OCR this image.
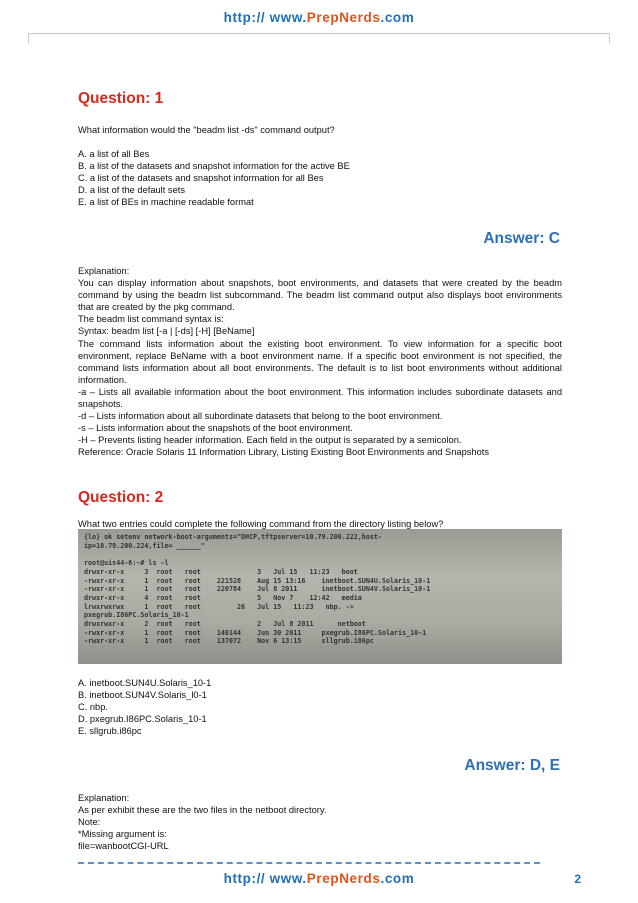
http:// www.PrepNerds.com
Question: 1
What information would the "beadm list -ds" command output?
A. a list of all Bes
B. a list of the datasets and snapshot information for the active BE
C. a list of the datasets and snapshot information for all Bes
D. a list of the default sets
E. a list of BEs in machine readable format
Answer: C
Explanation:
You can display information about snapshots, boot environments, and datasets that were created by the beadm command by using the beadm list subcommand. The beadm list command output also displays boot environments that are created by the pkg command.
The beadm list command syntax is:
Syntax: beadm list [-a | [-ds] [-H] [BeName]
The command lists information about the existing boot environment. To view information for a specific boot environment, replace BeName with a boot environment name. If a specific boot environment is not specified, the command lists information about all boot environments. The default is to list boot environments without additional information.
-a – Lists all available information about the boot environment. This information includes subordinate datasets and snapshots.
-d – Lists information about all subordinate datasets that belong to the boot environment.
-s – Lists information about the snapshots of the boot environment.
-H – Prevents listing header information. Each field in the output is separated by a semicolon.
Reference: Oracle Solaris 11 Information Library, Listing Existing Boot Environments and Snapshots
Question: 2
What two entries could complete the following command from the directory listing below?
{lo} ok setenv network-boot-arguments="DHCP,tftpserver=10.79.200.222,host-
ip=10.79.200.224,file= ______"

root@uis44-6:~# ls -l
drwxr-xr-x     3  root   root              3   Jul 15   11:23   boot
-rwxr-xr-x     1  root   root    221528    Aug 15 13:16    inetboot.SUN4U.Solaris_10-1
-rwxr-xr-x     1  root   root    220784    Jul 8 2011      inetboot.SUN4V.Solaris_10-1
drwxr-xr-x     4  root   root              5   Nov 7    12:42   media
lrwxrwxrwx     1  root   root         26   Jul 15   11:23   nbp. ->
pxegrub.I86PC.Solaris_10-1
drwxrwxr-x     2  root   root              2   Jul 8 2011      netboot
-rwxr-xr-x     1  root   root    140144    Jun 30 2011     pxegrub.I86PC.Solaris_10-1
-rwxr-xr-x     1  root   root    137072    Nov 6 13:15     sllgrub.i86pc
A. inetboot.SUN4U.Solaris_10-1
B. inetboot.SUN4V.Solaris_l0-1
C. nbp.
D. pxegrub.I86PC.Solaris_10-1
E. sllgrub.i86pc
Answer: D, E
Explanation:
As per exhibit these are the two files in the netboot directory.
Note:
*Missing argument is:
file=wanbootCGI-URL
http:// www.PrepNerds.com	2
